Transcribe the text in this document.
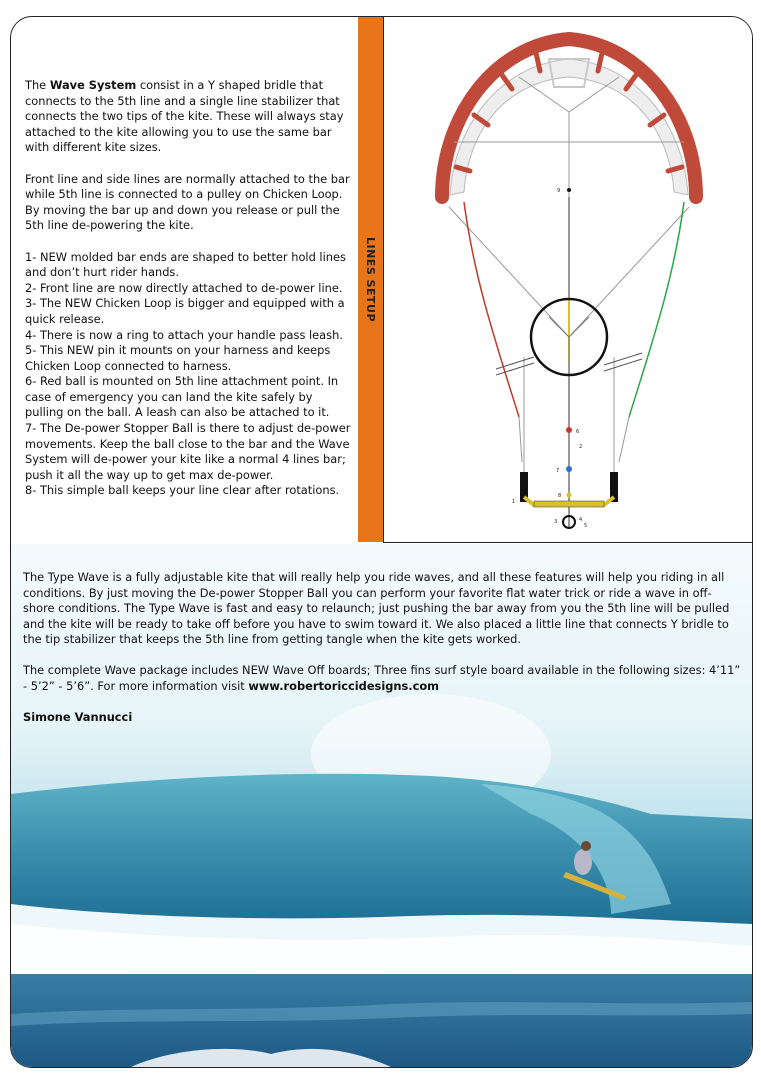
The Wave System consist in a Y shaped bridle that connects to the 5th line and a single line stabilizer that connects the two tips of the kite. These will always stay attached to the kite allowing you to use the same bar with different kite sizes.

Front line and side lines are normally attached to the bar while 5th line is connected to a pulley on Chicken Loop. By moving the bar up and down you release or pull the 5th line de-powering the kite.

1- NEW molded bar ends are shaped to better hold lines and don’t hurt rider hands.
2- Front line are now directly attached to de-power line.
3- The NEW Chicken Loop is bigger and equipped with a quick release.
4- There is now a ring to attach your handle pass leash.
5- This NEW pin it mounts on your harness and keeps Chicken Loop connected to harness.
6- Red ball is mounted on 5th line attachment point. In case of emergency you can land the kite safely by pulling on the ball. A leash can also be attached to it.
7- The De-power Stopper Ball is there to adjust de-power movements. Keep the ball close to the bar and the Wave System will de-power your kite like a normal 4 lines bar; push it all the way up to get max de-power.
8- This simple ball keeps your line clear after rotations.
LINES SETUP
9
6
2
7
8
1
3	4
5

The Type Wave is a fully adjustable kite that will really help you ride waves, and all these features will help you riding in all conditions. By just moving the De-power Stopper Ball you can perform your favorite flat water trick or ride a wave in off-shore conditions. The Type Wave is fast and easy to relaunch; just pushing the bar away from you the 5th line will be pulled and the kite will be ready to take off before you have to swim toward it. We also placed a little line that connects Y bridle to the tip stabilizer that keeps the 5th line from getting tangle when the kite gets worked.

The complete Wave package includes NEW Wave Off boards; Three fins surf style board available in the following sizes: 4’11” - 5’2” - 5’6”. For more information visit www.robertoriccidesigns.com

Simone Vannucci
